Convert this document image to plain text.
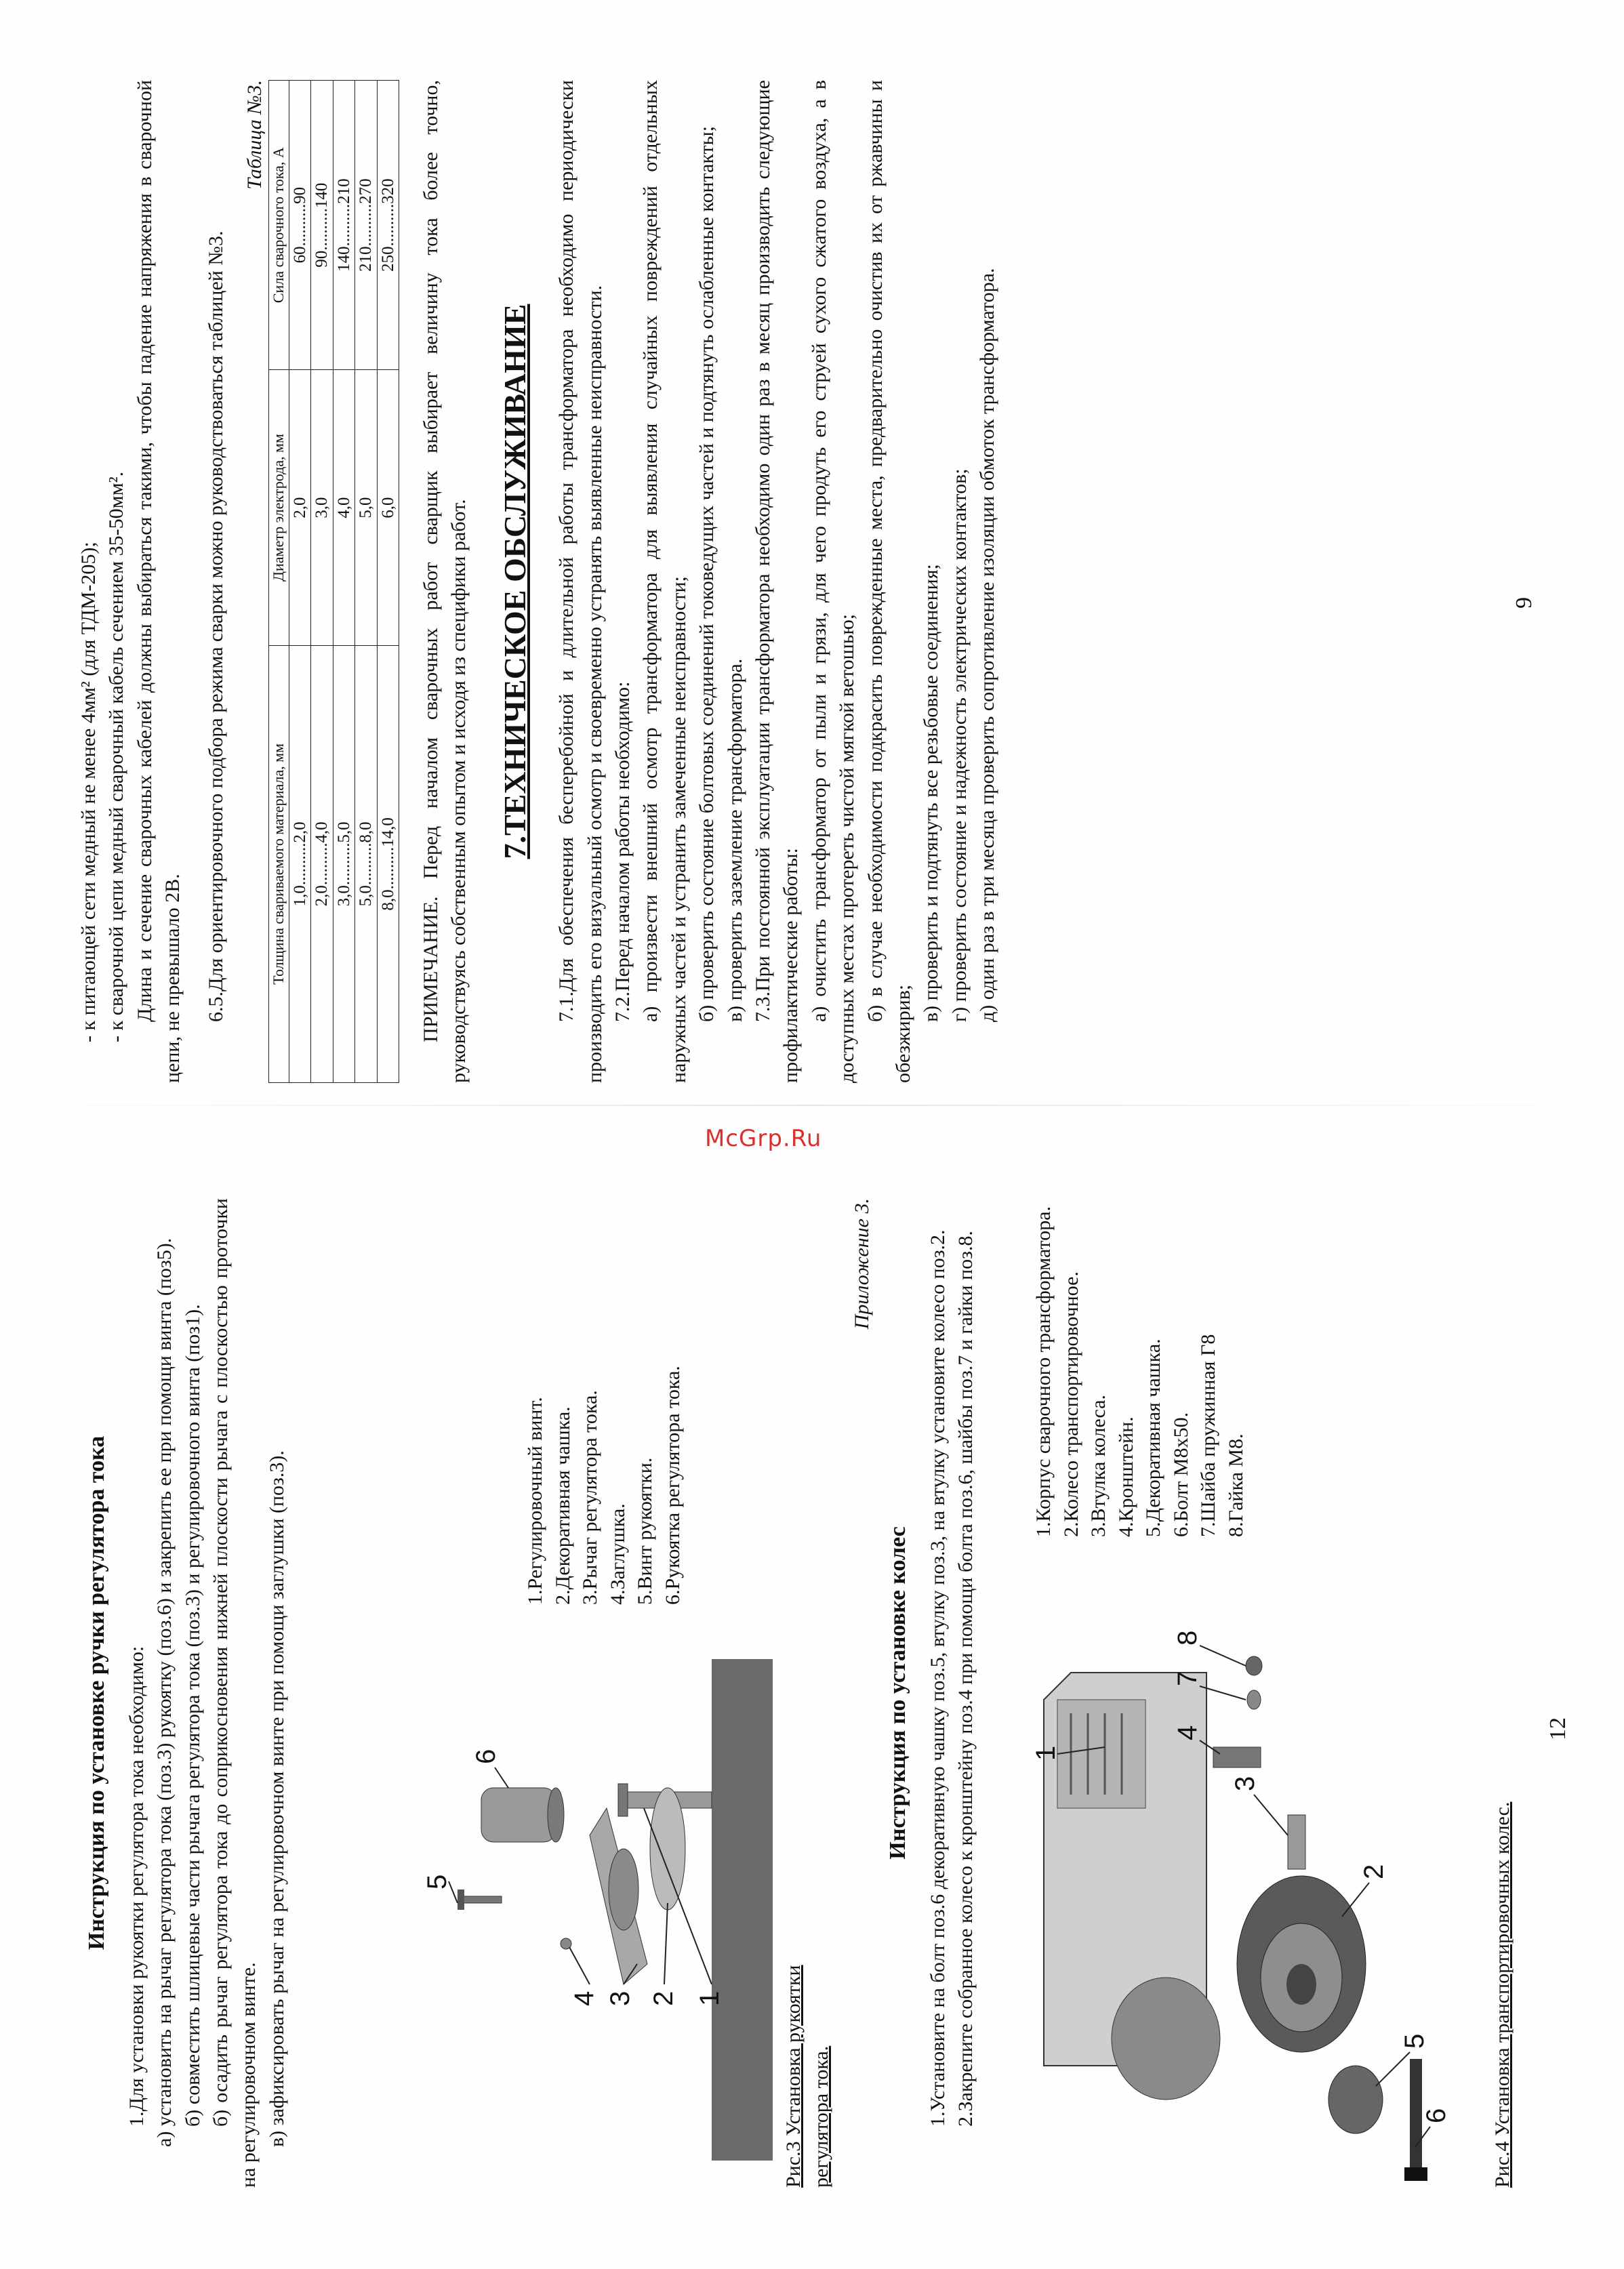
Инструкция по установке ручки регулятора тока 1.Для установки рукоятки регулятора тока необходимо: а) установить на рычаг регулятора тока (поз.3) рукоятку (поз.6) и закрепить ее при помощи винта (поз5). б) совместить шлицевые части рычага регулятора тока (поз.3) и регулировочного винта (поз1). б) осадить рычаг регулятора тока до соприкосновения нижней плоскости рычага с плоскостью проточки на регулировочном винте. в) зафиксировать рычаг на регулировочном винте при помощи заглушки (поз.3).	5
6
4 3 2 1
1.Регулировочный винт. 2.Декоративная чашка. 3.Рычаг регулятора тока. 4.Заглушка. 5.Винт рукоятки. 6.Рукоятка регулятора тока.
Рис.3 Установка рукоятки регулятора тока.
Приложение 3.
Инструкция по установке колес 1.Установите на болт поз.6 декоративную чашку поз.5, втулку поз.3, на втулку установите колесо поз.2. 2.Закрепите собранное колесо к кронштейну поз.4 при помощи болта поз.6, шайбы поз.7 и гайки поз.8. 1
8
7
4
3
2
5
6
1.Корпус сварочного трансформатора. 2.Колесо транспортировочное. 3.Втулка колеса. 4.Кронштейн. 5.Декоративная чашка. 6.Болт М8х50. 7.Шайба пружинная Г8 8.Гайка М8.
Рис.4 Установка транспортировочных колес.
12

- к питающей сети медный не менее 4мм² (для ТДМ-205); - к сварочной цепи медный сварочный кабель сечением 35-50мм². Длина и сечение сварочных кабелей должны выбираться такими, чтобы падение напряжения в сварочной цепи, не превышало 2В. 6.5.Для ориентировочного подбора режима сварки можно руководствоваться таблицей №3.

Таблица №3.
Толщина свариваемого материала, мм	Диаметр электрода, мм	Сила сварочного тока, А
1,0..........2,0	2,0	60..........90
2,0..........4,0	3,0	90..........140
3,0..........5,0	4,0	140..........210
5,0..........8,0	5,0	210..........270
8,0..........14,0	6,0	250..........320 ПРИМЕЧАНИЕ. Перед началом сварочных работ сварщик выбирает величину тока более точно, руководствуясь собственным опытом и исходя из специфики работ. 7.ТЕХНИЧЕСКОЕ ОБСЛУЖИВАНИЕ 7.1.Для обеспечения бесперебойной и длительной работы трансформатора необходимо периодически производить его визуальный осмотр и своевременно устранять выявленные неисправности. 7.2.Перед началом работы необходимо: а) произвести внешний осмотр трансформатора для выявления случайных повреждений отдельных наружных частей и устранить замеченные неисправности; б) проверить состояние болтовых соединений токоведущих частей и подтянуть ослабленные контакты; в) проверить заземление трансформатора. 7.3.При постоянной эксплуатации трансформатора необходимо один раз в месяц производить следующие профилактические работы: а) очистить трансформатор от пыли и грязи, для чего продуть его струей сухого сжатого воздуха, а в доступных местах протереть чистой мягкой ветошью; б) в случае необходимости подкрасить поврежденные места, предварительно очистив их от ржавчины и обезжирив;

в) проверить и подтянуть все резьбовые соединения; г) проверить состояние и надежность электрических контактов; д) один раз в три месяца проверить сопротивление изоляции обмоток трансформатора.	9
McGrp.Ru
